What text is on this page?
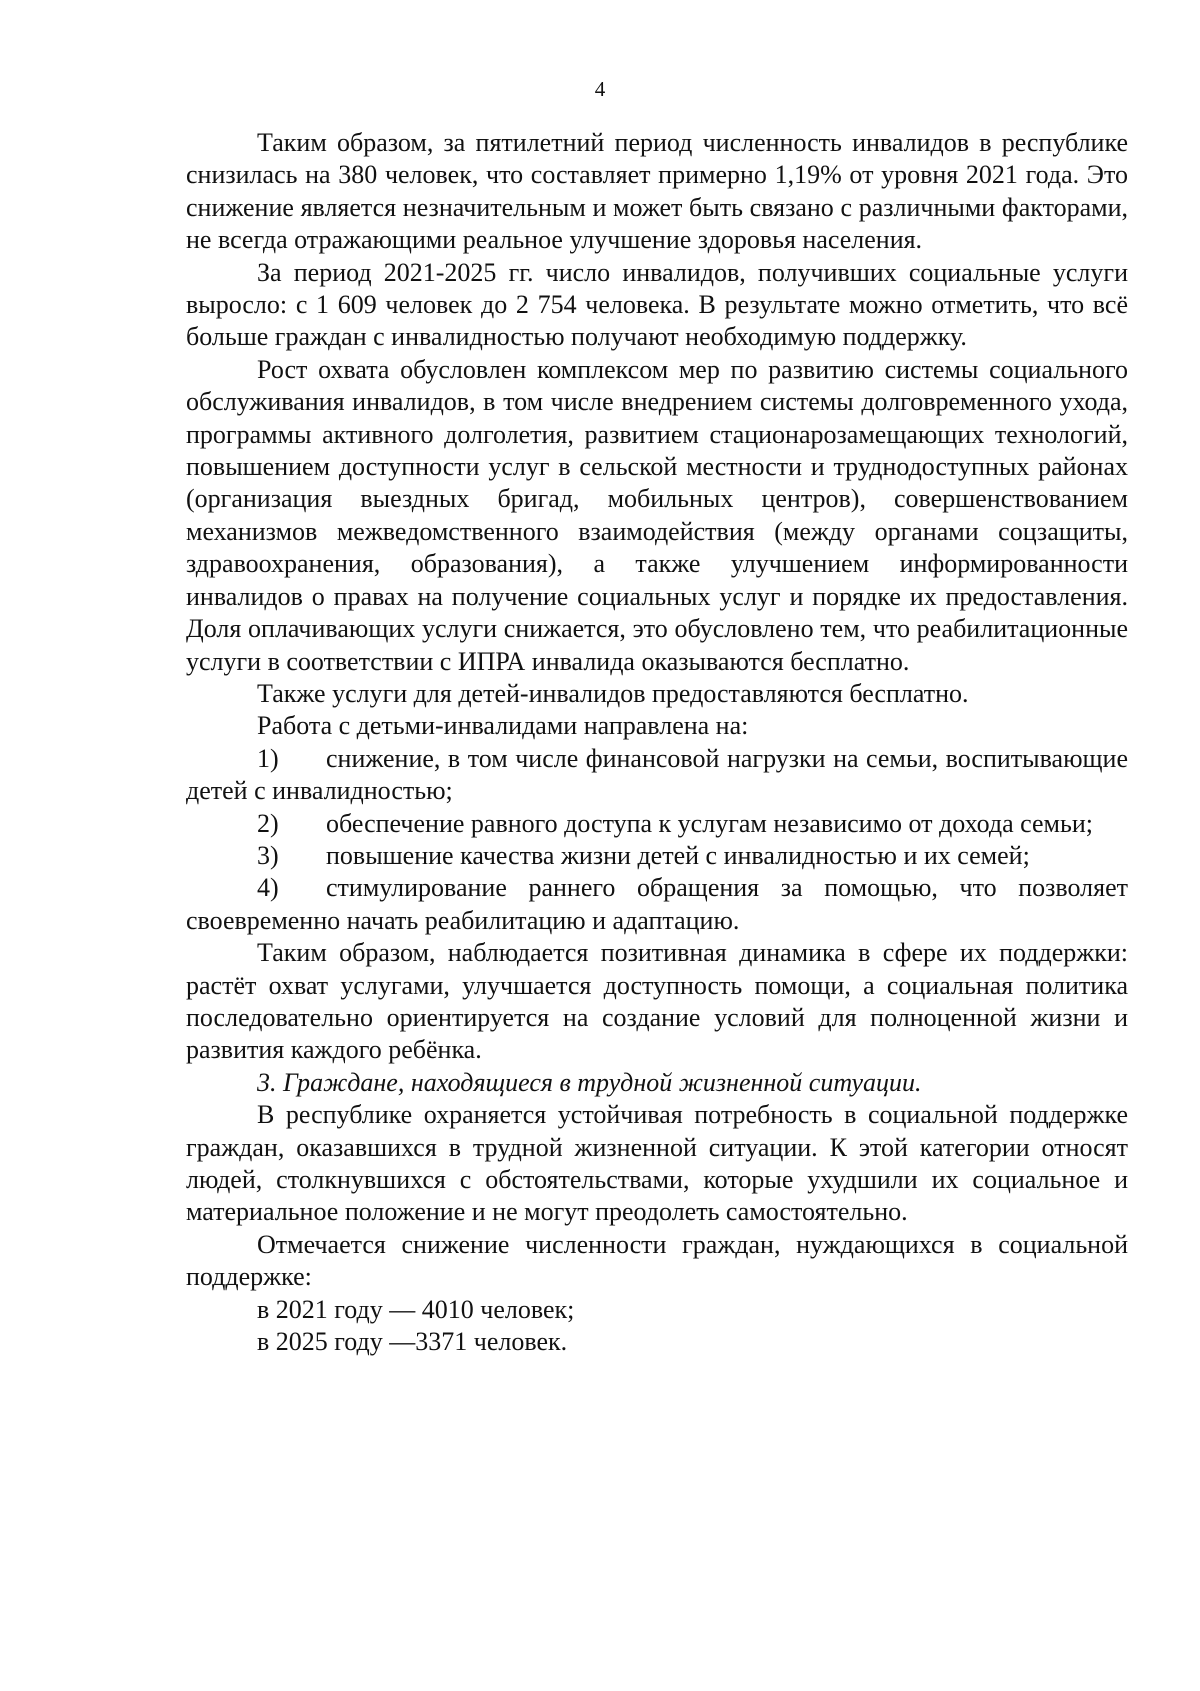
4

Таким образом, за пятилетний период численность инвалидов в республике снизилась на 380 человек, что составляет примерно 1,19% от уровня 2021 года. Это снижение является незначительным и может быть связано с различными факторами, не всегда отражающими реальное улучшение здоровья населения.

За период 2021-2025 гг. число инвалидов, получивших социальные услуги выросло: с 1 609 человек до 2 754 человека. В результате можно отметить, что всё больше граждан с инвалидностью получают необходимую поддержку.

Рост охвата обусловлен комплексом мер по развитию системы социального обслуживания инвалидов, в том числе внедрением системы долговременного ухода, программы активного долголетия, развитием стационарозамещающих технологий, повышением доступности услуг в сельской местности и труднодоступных районах (организация выездных бригад, мобильных центров), совершенствованием механизмов межведомственного взаимодействия (между органами соцзащиты, здравоохранения, образования), а также улучшением информированности инвалидов о правах на получение социальных услуг и порядке их предоставления. Доля оплачивающих услуги снижается, это обусловлено тем, что реабилитационные услуги в соответствии с ИПРА инвалида оказываются бесплатно.

Также услуги для детей-инвалидов предоставляются бесплатно.

Работа с детьми-инвалидами направлена на:

1) снижение, в том числе финансовой нагрузки на семьи, воспитывающие детей с инвалидностью;

2) обеспечение равного доступа к услугам независимо от дохода семьи;

3) повышение качества жизни детей с инвалидностью и их семей;

4) стимулирование раннего обращения за помощью, что позволяет своевременно начать реабилитацию и адаптацию.

Таким образом, наблюдается позитивная динамика в сфере их поддержки: растёт охват услугами, улучшается доступность помощи, а социальная политика последовательно ориентируется на создание условий для полноценной жизни и развития каждого ребёнка.

3. Граждане, находящиеся в трудной жизненной ситуации.

В республике охраняется устойчивая потребность в социальной поддержке граждан, оказавшихся в трудной жизненной ситуации. К этой категории относят людей, столкнувшихся с обстоятельствами, которые ухудшили их социальное и материальное положение и не могут преодолеть самостоятельно.

Отмечается снижение численности граждан, нуждающихся в социальной поддержке:

в 2021 году — 4010 человек;

в 2025 году —3371 человек.
